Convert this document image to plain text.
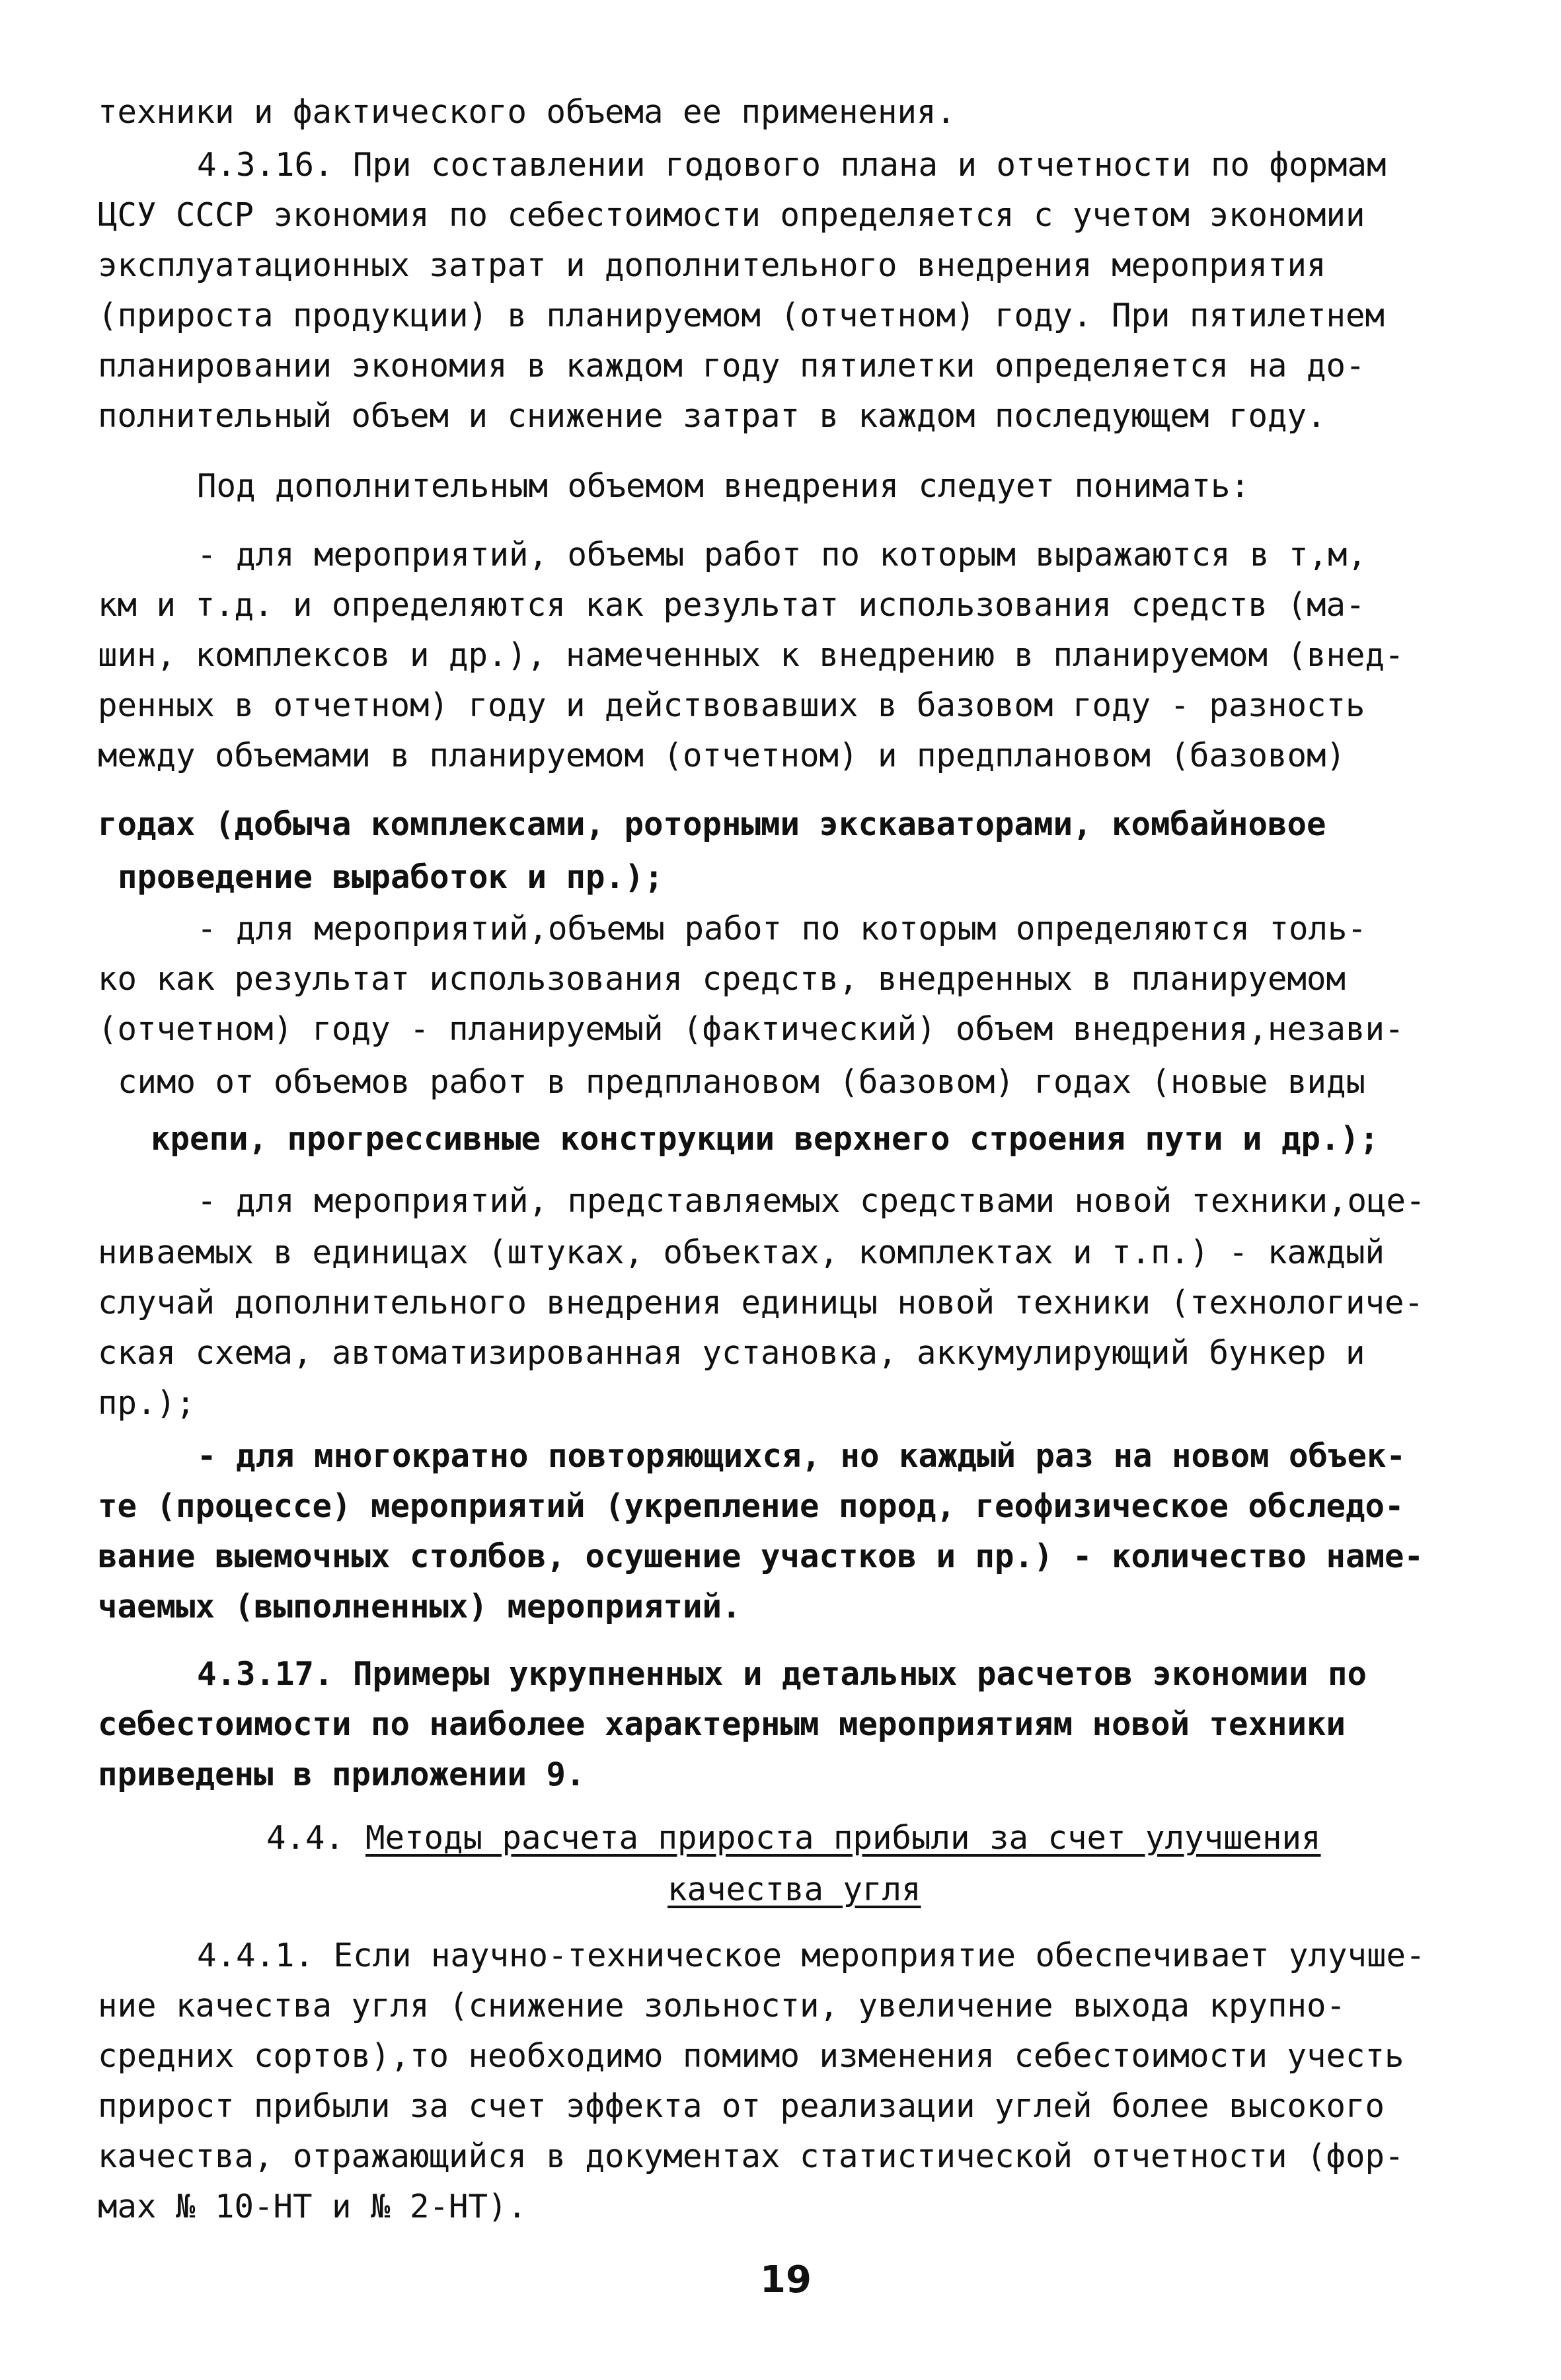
техники и фактического объема ее применения.
4.3.16. При составлении годового плана и отчетности по формам
ЦСУ СССР экономия по себестоимости определяется с учетом экономии
эксплуатационных затрат и дополнительного внедрения мероприятия
(прироста продукции) в планируемом (отчетном) году. При пятилетнем
планировании экономия в каждом году пятилетки определяется на до-
полнительный объем и снижение затрат в каждом последующем году.
Под дополнительным объемом внедрения следует понимать:
- для мероприятий, объемы работ по которым выражаются в т,м,
км и т.д. и определяются как результат использования средств (ма-
шин, комплексов и др.), намеченных к внедрению в планируемом (внед-
ренных в отчетном) году и действовавших в базовом году - разность
между объемами в планируемом (отчетном) и предплановом (базовом)
годах (добыча комплексами, роторными экскаваторами, комбайновое
проведение выработок и пр.);
- для мероприятий,объемы работ по которым определяются толь-
ко как результат использования средств, внедренных в планируемом
(отчетном) году - планируемый (фактический) объем внедрения,незави-
симо от объемов работ в предплановом (базовом) годах (новые виды
крепи, прогрессивные конструкции верхнего строения пути и др.);
- для мероприятий, представляемых средствами новой техники,оце-
ниваемых в единицах (штуках, объектах, комплектах и т.п.) - каждый
случай дополнительного внедрения единицы новой техники (технологиче-
ская схема, автоматизированная установка, аккумулирующий бункер и
пр.);
- для многократно повторяющихся, но каждый раз на новом объек-
те (процессе) мероприятий (укрепление пород, геофизическое обследо-
вание выемочных столбов, осушение участков и пр.) - количество наме-
чаемых (выполненных) мероприятий.
4.3.17. Примеры укрупненных и детальных расчетов экономии по
себестоимости по наиболее характерным мероприятиям новой техники
приведены в приложении 9.
4.4. Методы расчета прироста прибыли за счет улучшения
качества угля
4.4.1. Если научно-техническое мероприятие обеспечивает улучше-
ние качества угля (снижение зольности, увеличение выхода крупно-
средних сортов),то необходимо помимо изменения себестоимости учесть
прирост прибыли за счет эффекта от реализации углей более высокого
качества, отражающийся в документах статистической отчетности (фор-
мах № 10-НТ и № 2-НТ).
19
